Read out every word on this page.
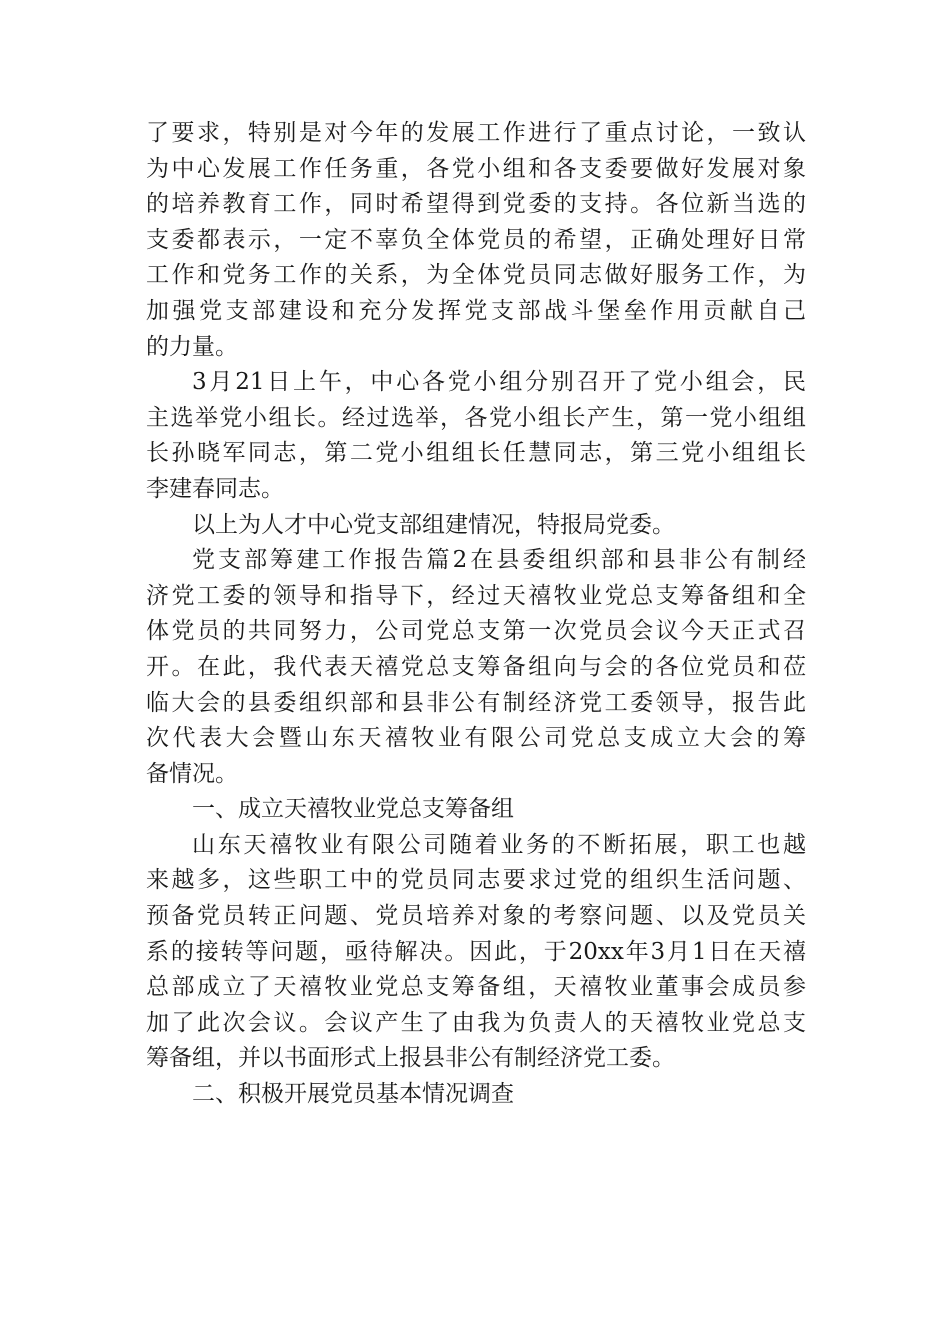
了要求，特别是对今年的发展工作进行了重点讨论，一致认
为中心发展工作任务重，各党小组和各支委要做好发展对象
的培养教育工作，同时希望得到党委的支持。各位新当选的
支委都表示，一定不辜负全体党员的希望，正确处理好日常
工作和党务工作的关系，为全体党员同志做好服务工作，为
加强党支部建设和充分发挥党支部战斗堡垒作用贡献自己
的力量。
3月21日上午，中心各党小组分别召开了党小组会，民
主选举党小组长。经过选举，各党小组长产生，第一党小组组
长孙晓军同志，第二党小组组长任慧同志，第三党小组组长
李建春同志。
以上为人才中心党支部组建情况，特报局党委。
党支部筹建工作报告篇2在县委组织部和县非公有制经
济党工委的领导和指导下，经过天禧牧业党总支筹备组和全
体党员的共同努力，公司党总支第一次党员会议今天正式召
开。在此，我代表天禧党总支筹备组向与会的各位党员和莅
临大会的县委组织部和县非公有制经济党工委领导，报告此
次代表大会暨山东天禧牧业有限公司党总支成立大会的筹
备情况。
一、成立天禧牧业党总支筹备组
山东天禧牧业有限公司随着业务的不断拓展，职工也越
来越多，这些职工中的党员同志要求过党的组织生活问题、
预备党员转正问题、党员培养对象的考察问题、以及党员关
系的接转等问题，亟待解决。因此，于20xx年3月1日在天禧
总部成立了天禧牧业党总支筹备组，天禧牧业董事会成员参
加了此次会议。会议产生了由我为负责人的天禧牧业党总支
筹备组，并以书面形式上报县非公有制经济党工委。
二、积极开展党员基本情况调查
